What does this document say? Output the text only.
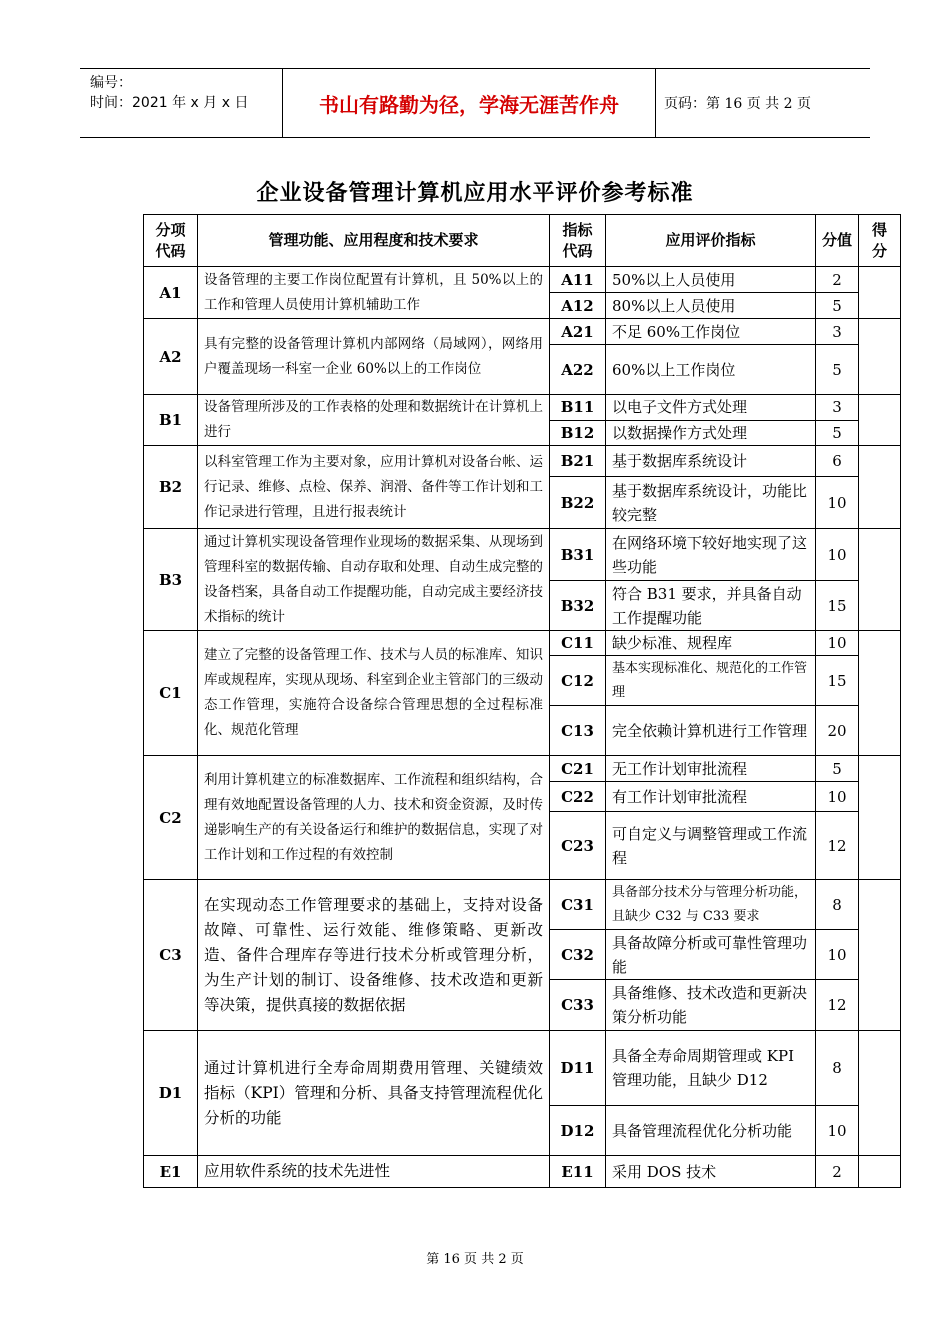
编号：
时间：2021 年 x 月 x 日	书山有路勤为径，学海无涯苦作舟	页码：第 16 页 共 2 页
企业设备管理计算机应用水平评价参考标准
分项代码	管理功能、应用程度和技术要求	指标代码	应用评价指标	分值	得分
A1	设备管理的主要工作岗位配置有计算机，且 50%以上的工作和管理人员使用计算机辅助工作	A11	50%以上人员使用	2	
		A12	80%以上人员使用	5	
A2	具有完整的设备管理计算机内部网络（局域网），网络用户覆盖现场一科室一企业 60%以上的工作岗位	A21	不足 60%工作岗位	3	
		A22	60%以上工作岗位	5	
B1	设备管理所涉及的工作表格的处理和数据统计在计算机上进行	B11	以电子文件方式处理	3	
		B12	以数据操作方式处理	5	
B2	以科室管理工作为主要对象，应用计算机对设备台帐、运行记录、维修、点检、保养、润滑、备件等工作计划和工作记录进行管理，且进行报表统计	B21	基于数据库系统设计	6	
		B22	基于数据库系统设计，功能比较完整	10	
B3	通过计算机实现设备管理作业现场的数据采集、从现场到管理科室的数据传输、自动存取和处理、自动生成完整的设备档案，具备自动工作提醒功能，自动完成主要经济技术指标的统计	B31	在网络环境下较好地实现了这些功能	10	
		B32	符合 B31 要求，并具备自动工作提醒功能	15	
C1	建立了完整的设备管理工作、技术与人员的标准库、知识库或规程库，实现从现场、科室到企业主管部门的三级动态工作管理，实施符合设备综合管理思想的全过程标准化、规范化管理	C11	缺少标准、规程库	10	
		C12	基本实现标准化、规范化的工作管理	15	
		C13	完全依赖计算机进行工作管理	20	
C2	利用计算机建立的标准数据库、工作流程和组织结构，合理有效地配置设备管理的人力、技术和资金资源，及时传递影响生产的有关设备运行和维护的数据信息，实现了对工作计划和工作过程的有效控制	C21	无工作计划审批流程	5	
		C22	有工作计划审批流程	10	
		C23	可自定义与调整管理或工作流程	12	
C3	在实现动态工作管理要求的基础上，支持对设备故障、可靠性、运行效能、维修策略、更新改造、备件合理库存等进行技术分析或管理分析，为生产计划的制订、设备维修、技术改造和更新等决策，提供真接的数据依据	C31	具备部分技术分与管理分析功能，且缺少 C32 与 C33 要求	8	
		C32	具备故障分析或可靠性管理功能	10	
		C33	具备维修、技术改造和更新决策分析功能	12	
D1	通过计算机进行全寿命周期费用管理、关键绩效指标（KPI）管理和分析、具备支持管理流程优化分析的功能	D11	具备全寿命周期管理或 KPI 管理功能，且缺少 D12	8	
		D12	具备管理流程优化分析功能	10	
E1	应用软件系统的技术先进性	E11	采用 DOS 技术	2	
第 16 页 共 2 页
